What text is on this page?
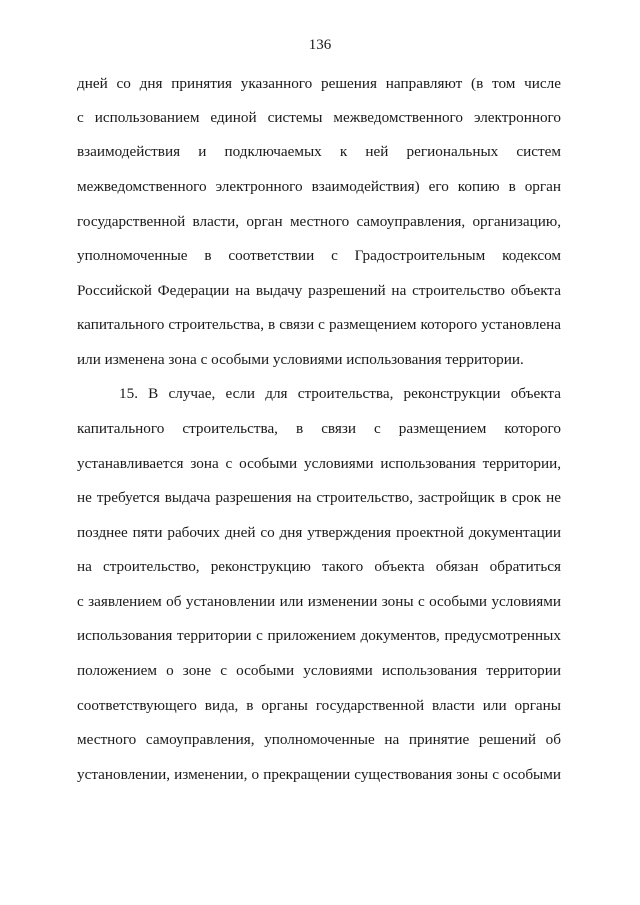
136
дней со дня принятия указанного решения направляют (в том числе
с использованием единой системы межведомственного электронного
взаимодействия и подключаемых к ней региональных систем
межведомственного электронного взаимодействия) его копию в орган
государственной власти, орган местного самоуправления, организацию,
уполномоченные в соответствии с Градостроительным кодексом
Российской Федерации на выдачу разрешений на строительство объекта
капитального строительства, в связи с размещением которого установлена
или изменена зона с особыми условиями использования территории.
15. В случае, если для строительства, реконструкции объекта
капитального строительства, в связи с размещением которого
устанавливается зона с особыми условиями использования территории,
не требуется выдача разрешения на строительство, застройщик в срок не
позднее пяти рабочих дней со дня утверждения проектной документации
на строительство, реконструкцию такого объекта обязан обратиться
с заявлением об установлении или изменении зоны с особыми условиями
использования территории с приложением документов, предусмотренных
положением о зоне с особыми условиями использования территории
соответствующего вида, в органы государственной власти или органы
местного самоуправления, уполномоченные на принятие решений об
установлении, изменении, о прекращении существования зоны с особыми
